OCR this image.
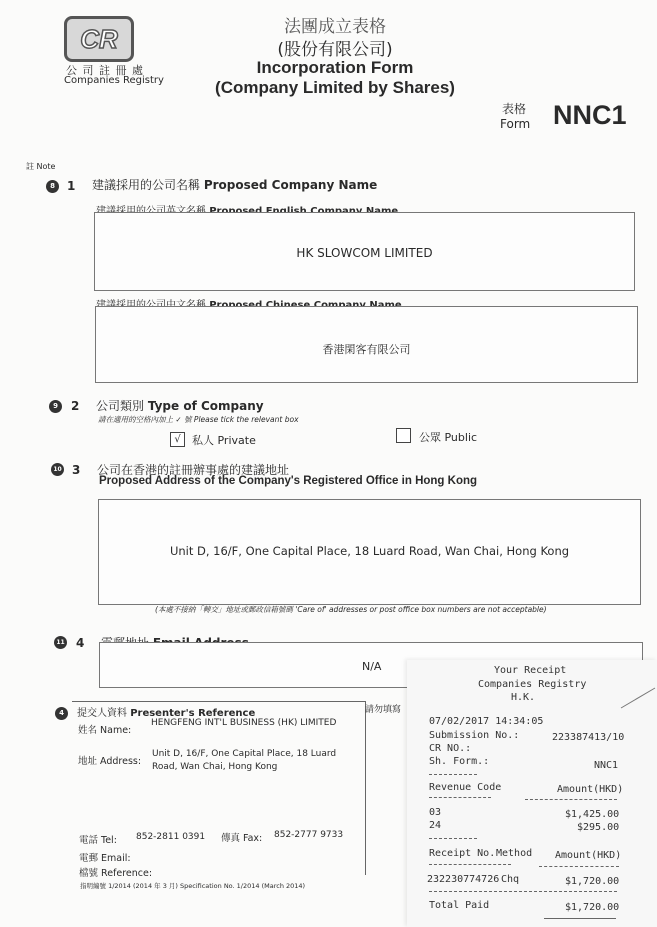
CR
公 司 註 冊 處
Companies Registry
法團成立表格
(股份有限公司)
Incorporation Form
(Company Limited by Shares)
表格
Form NNC1
註 Note
8	1 建議採用的公司名稱 Proposed Company Name
HK SLOWCOM LIMITED
香港閑客有限公司
9	2 公司類別 Type of Company
請在適用的空格內加上 ✓ 號 Please tick the relevant box
√	私人 Private	公眾 Public
10 3 公司在香港的註冊辦事處的建議地址
Proposed Address of the Company's Registered Office in Hong Kong
Unit D, 16/F, One Capital Place, 18 Luard Road, Wan Chai, Hong Kong
(本處不接納「轉交」地址或郵政信箱號碼 'Care of' addresses or post office box numbers are not acceptable)
11 4
N/A
4	提交人資料 Presenter's Reference
姓名 Name:
HENGFENG INT'L BUSINESS (HK) LIMITED
地址 Address:
Unit D, 16/F, One Capital Place, 18 Luard
Road, Wan Chai, Hong Kong
電話 Tel: 852-2811 0391 傳真 Fax: 852-2777 9733
電郵 Email:
檔號 Reference:
請勿填寫
指明編號 1/2014 (2014 年 3 月) Specification No. 1/2014 (March 2014)
Your Receipt
Companies Registry
H.K.
07/02/2017 14:34:05
Submission No.:	223387413/10
CR NO.:
Sh. Form.:	NNC1
Revenue Code	Amount(HKD)
03	$1,425.00
24	$295.00
Receipt No. Method Amount(HKD)
232230774726 Chq	$1,720.00
Total Paid	$1,720.00
